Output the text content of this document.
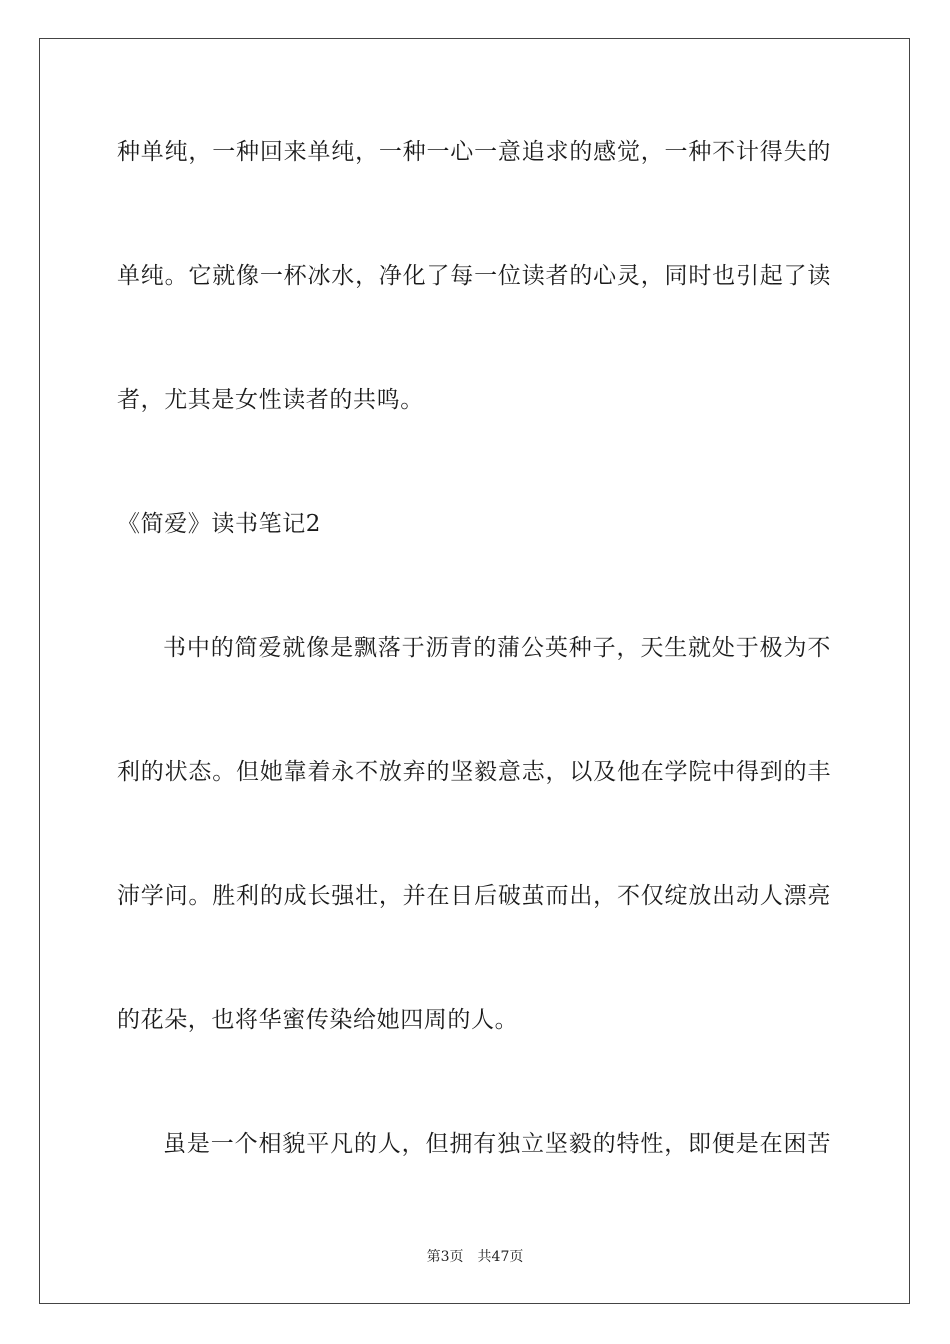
种单纯，一种回来单纯，一种一心一意追求的感觉，一种不计得失的
单纯。它就像一杯冰水，净化了每一位读者的心灵，同时也引起了读
者，尤其是女性读者的共鸣。
《简爱》读书笔记2
书中的简爱就像是飘落于沥青的蒲公英种子，天生就处于极为不
利的状态。但她靠着永不放弃的坚毅意志，以及他在学院中得到的丰
沛学问。胜利的成长强壮，并在日后破茧而出，不仅绽放出动人漂亮
的花朵，也将华蜜传染给她四周的人。
虽是一个相貌平凡的人，但拥有独立坚毅的特性，即便是在困苦
第3页 共47页
